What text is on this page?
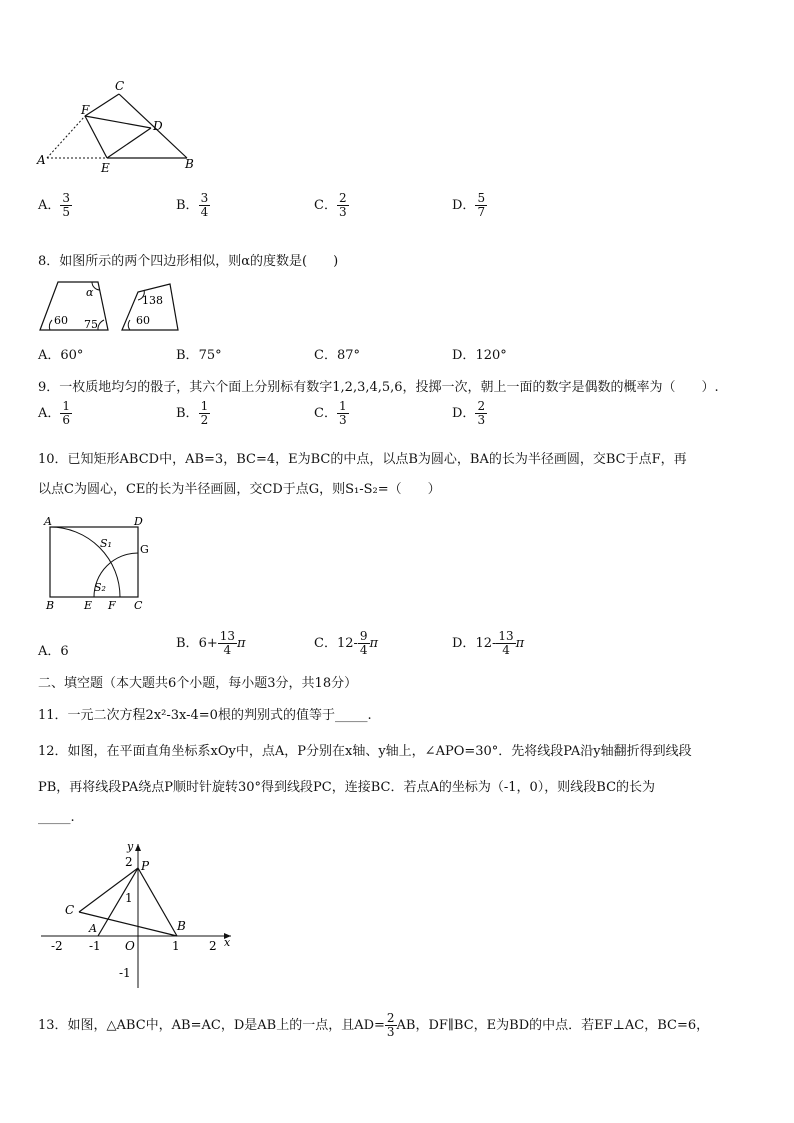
C
F
D
A
E	B
A． $\frac{3}{5}$	B． $\frac{3}{4}$	C． $\frac{2}{3}$	D． $\frac{5}{7}$
8．如图所示的两个四边形相似，则α的度数是(　　)
α
60 75
138
60
A．60°	B．75°	C．87°	D．120°
9．一枚质地均匀的骰子，其六个面上分别标有数字1,2,3,4,5,6，投掷一次，朝上一面的数字是偶数的概率为（　　）.
A． $\frac{1}{6}$	B． $\frac{1}{2}$	C． $\frac{1}{3}$	D． $\frac{2}{3}$
10．已知矩形ABCD中，AB=3，BC=4，E为BC的中点，以点B为圆心，BA的长为半径画圆，交BC于点F，再
以点C为圆心，CE的长为半径画圆，交CD于点G，则S₁-S₂=（　　）
A	D
S₁	G
S₂
B	E F C
A．6
B．$6+ \frac{13}{4}$ π	C．$12- \frac{9}{4}$ π	D．$12- \frac{13}{4}$ π
二、填空题（本大题共6个小题，每小题3分，共18分）
11．一元二次方程2x²-3x-4=0根的判别式的值等于_____.
12．如图，在平面直角坐标系xOy中，点A，P分别在x轴、y轴上，∠APO=30°．先将线段PA沿y轴翻折得到线段
PB，再将线段PA绕点P顺时针旋转30°得到线段PC，连接BC．若点A的坐标为（-1，0），则线段BC的长为
_____.
y
P
2
1
C
A	B
-2 -1 O	1 2 x
-1
13．如图，△ABC中，AB=AC，D是AB上的一点，且$AD= \frac{2}{3}$ AB，DF∥BC，E为BD的中点．若EF⊥AC，BC=6，
